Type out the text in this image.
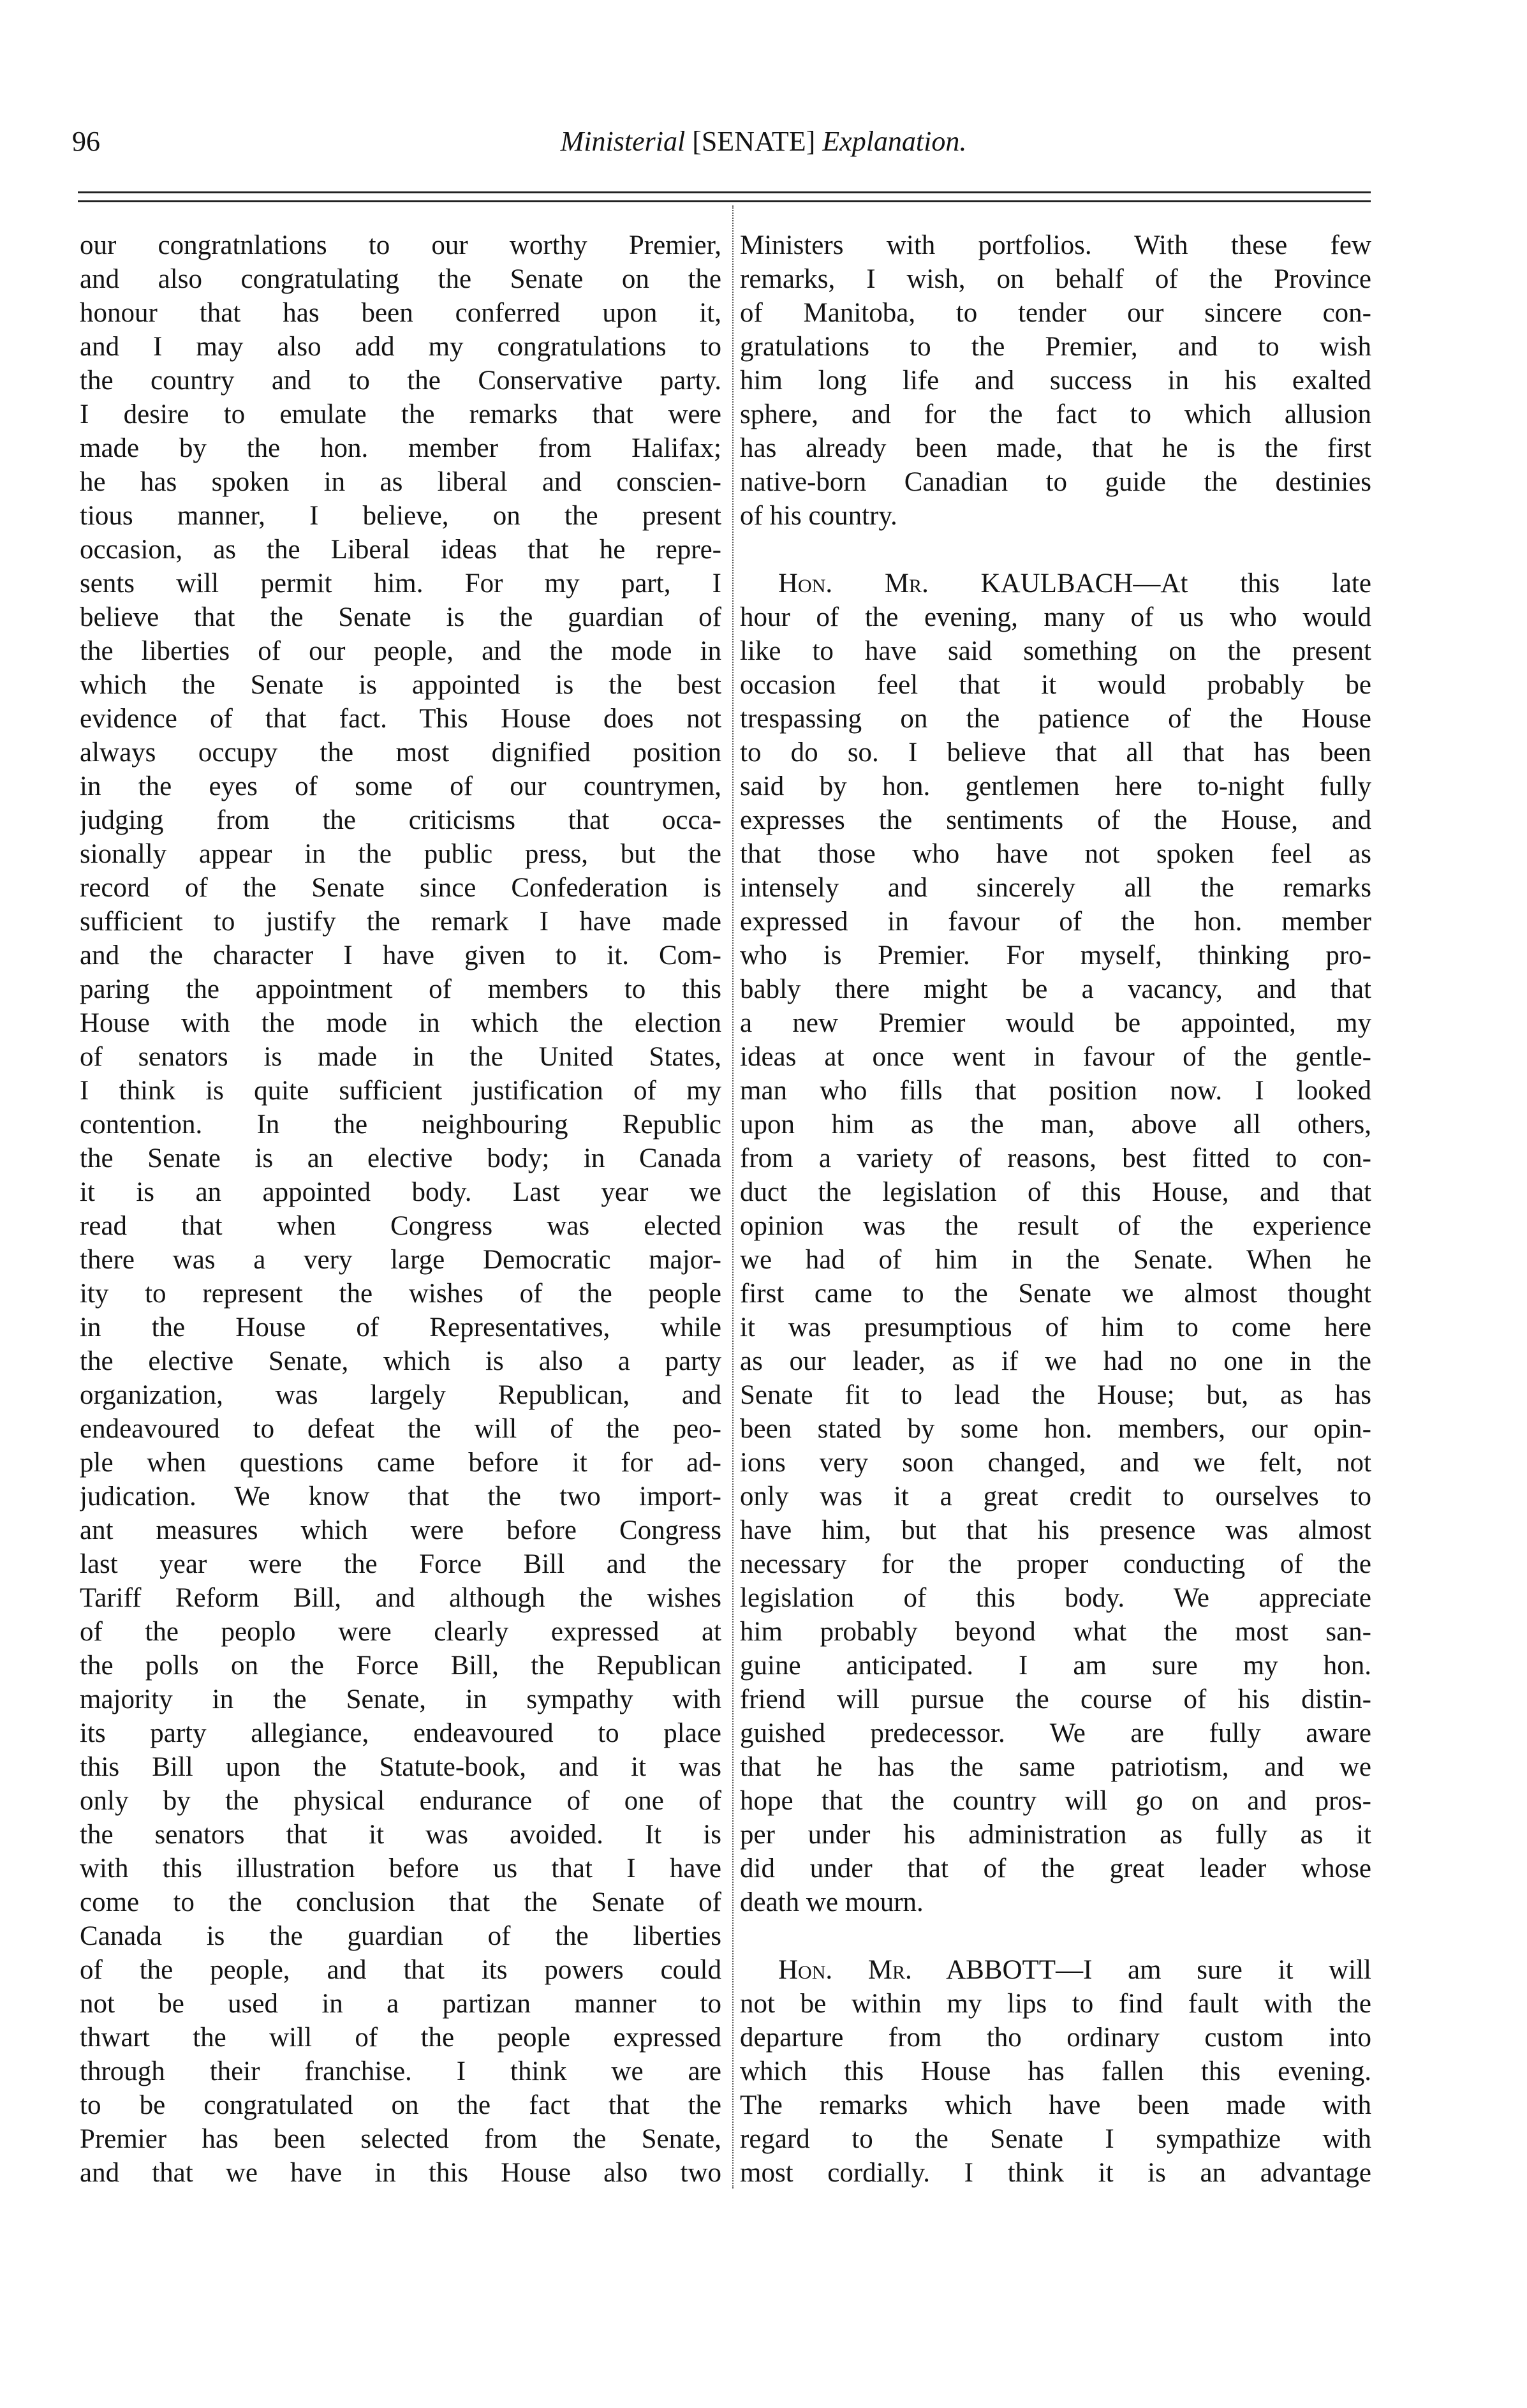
96	Ministerial [SENATE] Explanation.
our congratnlations to our worthy Premier,
and also congratulating the Senate on the
honour that has been conferred upon it,
and I may also add my congratulations to
the country and to the Conservative party.
I desire to emulate the remarks that were
made by the hon. member from Halifax;
he has spoken in as liberal and conscien-
tious manner, I believe, on the present
occasion, as the Liberal ideas that he repre-
sents will permit him. For my part, I
believe that the Senate is the guardian of
the liberties of our people, and the mode in
which the Senate is appointed is the best
evidence of that fact. This House does not
always occupy the most dignified position
in the eyes of some of our countrymen,
judging from the criticisms that occa-
sionally appear in the public press, but the
record of the Senate since Confederation is
sufficient to justify the remark I have made
and the character I have given to it. Com-
paring the appointment of members to this
House with the mode in which the election
of senators is made in the United States,
I think is quite sufficient justification of my
contention. In the neighbouring Republic
the Senate is an elective body; in Canada
it is an appointed body. Last year we
read that when Congress was elected
there was a very large Democratic major-
ity to represent the wishes of the people
in the House of Representatives, while
the elective Senate, which is also a party
organization, was largely Republican, and
endeavoured to defeat the will of the peo-
ple when questions came before it for ad-
judication. We know that the two import-
ant measures which were before Congress
last year were the Force Bill and the
Tariff Reform Bill, and although the wishes
of the peoplo were clearly expressed at
the polls on the Force Bill, the Republican
majority in the Senate, in sympathy with
its party allegiance, endeavoured to place
this Bill upon the Statute-book, and it was
only by the physical endurance of one of
the senators that it was avoided. It is
with this illustration before us that I have
come to the conclusion that the Senate of
Canada is the guardian of the liberties
of the people, and that its powers could
not be used in a partizan manner to
thwart the will of the people expressed
through their franchise. I think we are
to be congratulated on the fact that the
Premier has been selected from the Senate,
and that we have in this House also two
Ministers with portfolios. With these few
remarks, I wish, on behalf of the Province
of Manitoba, to tender our sincere con-
gratulations to the Premier, and to wish
him long life and success in his exalted
sphere, and for the fact to which allusion
has already been made, that he is the first
native-born Canadian to guide the destinies
of his country.
Hon. Mr. KAULBACH—At this late
hour of the evening, many of us who would
like to have said something on the present
occasion feel that it would probably be
trespassing on the patience of the House
to do so. I believe that all that has been
said by hon. gentlemen here to-night fully
expresses the sentiments of the House, and
that those who have not spoken feel as
intensely and sincerely all the remarks
expressed in favour of the hon. member
who is Premier. For myself, thinking pro-
bably there might be a vacancy, and that
a new Premier would be appointed, my
ideas at once went in favour of the gentle-
man who fills that position now. I looked
upon him as the man, above all others,
from a variety of reasons, best fitted to con-
duct the legislation of this House, and that
opinion was the result of the experience
we had of him in the Senate. When he
first came to the Senate we almost thought
it was presumptious of him to come here
as our leader, as if we had no one in the
Senate fit to lead the House; but, as has
been stated by some hon. members, our opin-
ions very soon changed, and we felt, not
only was it a great credit to ourselves to
have him, but that his presence was almost
necessary for the proper conducting of the
legislation of this body. We appreciate
him probably beyond what the most san-
guine anticipated. I am sure my hon.
friend will pursue the course of his distin-
guished predecessor. We are fully aware
that he has the same patriotism, and we
hope that the country will go on and pros-
per under his administration as fully as it
did under that of the great leader whose
death we mourn.
Hon. Mr. ABBOTT—I am sure it will
not be within my lips to find fault with the
departure from tho ordinary custom into
which this House has fallen this evening.
The remarks which have been made with
regard to the Senate I sympathize with
most cordially. I think it is an advantage
